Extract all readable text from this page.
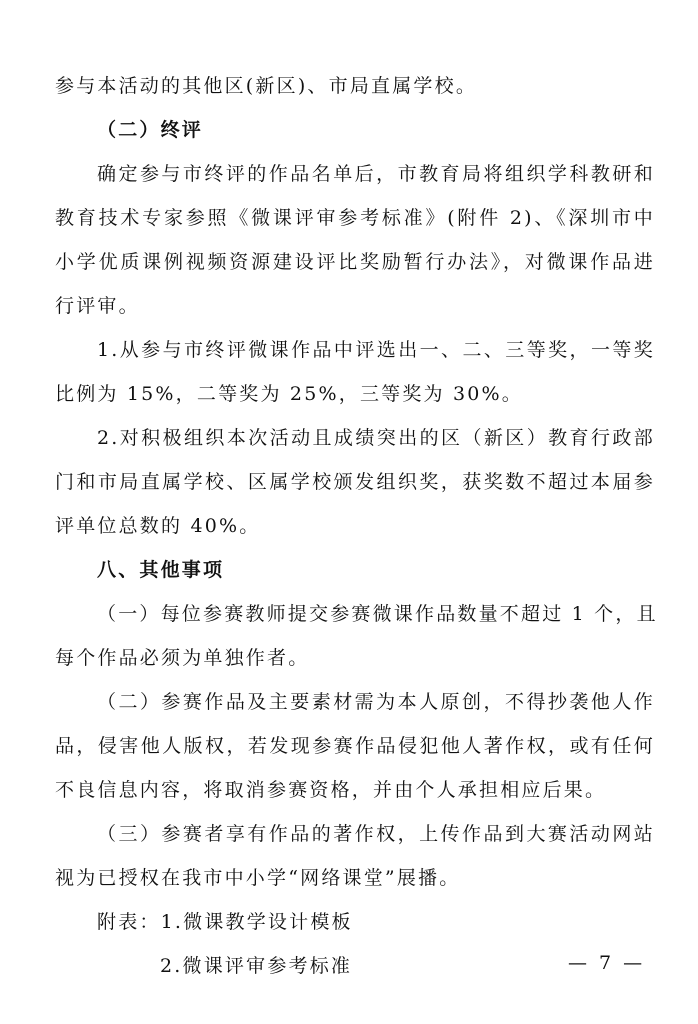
参与本活动的其他区(新区)、市局直属学校。
（二）终评
确定参与市终评的作品名单后，市教育局将组织学科教研和
教育技术专家参照《微课评审参考标准》(附件 2)、《深圳市中
小学优质课例视频资源建设评比奖励暂行办法》，对微课作品进
行评审。
1.从参与市终评微课作品中评选出一、二、三等奖，一等奖
比例为 15%，二等奖为 25%，三等奖为 30%。
2.对积极组织本次活动且成绩突出的区（新区）教育行政部
门和市局直属学校、区属学校颁发组织奖，获奖数不超过本届参
评单位总数的 40%。
八、其他事项
（一）每位参赛教师提交参赛微课作品数量不超过 1 个，且
每个作品必须为单独作者。
（二）参赛作品及主要素材需为本人原创，不得抄袭他人作
品，侵害他人版权，若发现参赛作品侵犯他人著作权，或有任何
不良信息内容，将取消参赛资格，并由个人承担相应后果。
（三）参赛者享有作品的著作权，上传作品到大赛活动网站
视为已授权在我市中小学“网络课堂”展播。
附表：1.微课教学设计模板
2.微课评审参考标准	— 7 —
